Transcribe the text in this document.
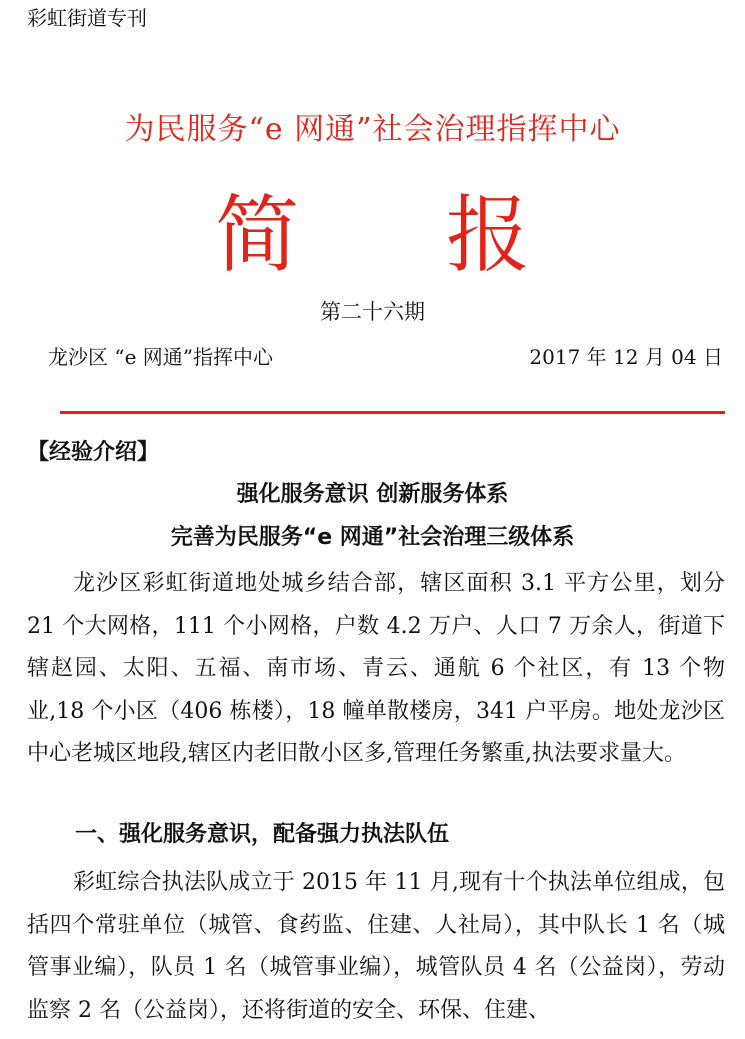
彩虹街道专刊
为民服务“e 网通”社会治理指挥中心
简 报
第二十六期
龙沙区 “e 网通”指挥中心	2017 年 12 月 04 日
【经验介绍】
强化服务意识 创新服务体系
完善为民服务“e 网通”社会治理三级体系
龙沙区彩虹街道地处城乡结合部，辖区面积 3.1 平方公里，划分 21 个大网格，111 个小网格，户数 4.2 万户、人口 7 万余人，街道下辖赵园、太阳、五福、南市场、青云、通航 6 个社区，有 13 个物业,18 个小区（406 栋楼），18 幢单散楼房，341 户平房。地处龙沙区中心老城区地段,辖区内老旧散小区多,管理任务繁重,执法要求量大。
一、强化服务意识，配备强力执法队伍
彩虹综合执法队成立于 2015 年 11 月,现有十个执法单位组成，包括四个常驻单位（城管、食药监、住建、人社局），其中队长 1 名（城管事业编），队员 1 名（城管事业编），城管队员 4 名（公益岗），劳动监察 2 名（公益岗），还将街道的安全、环保、住建、
